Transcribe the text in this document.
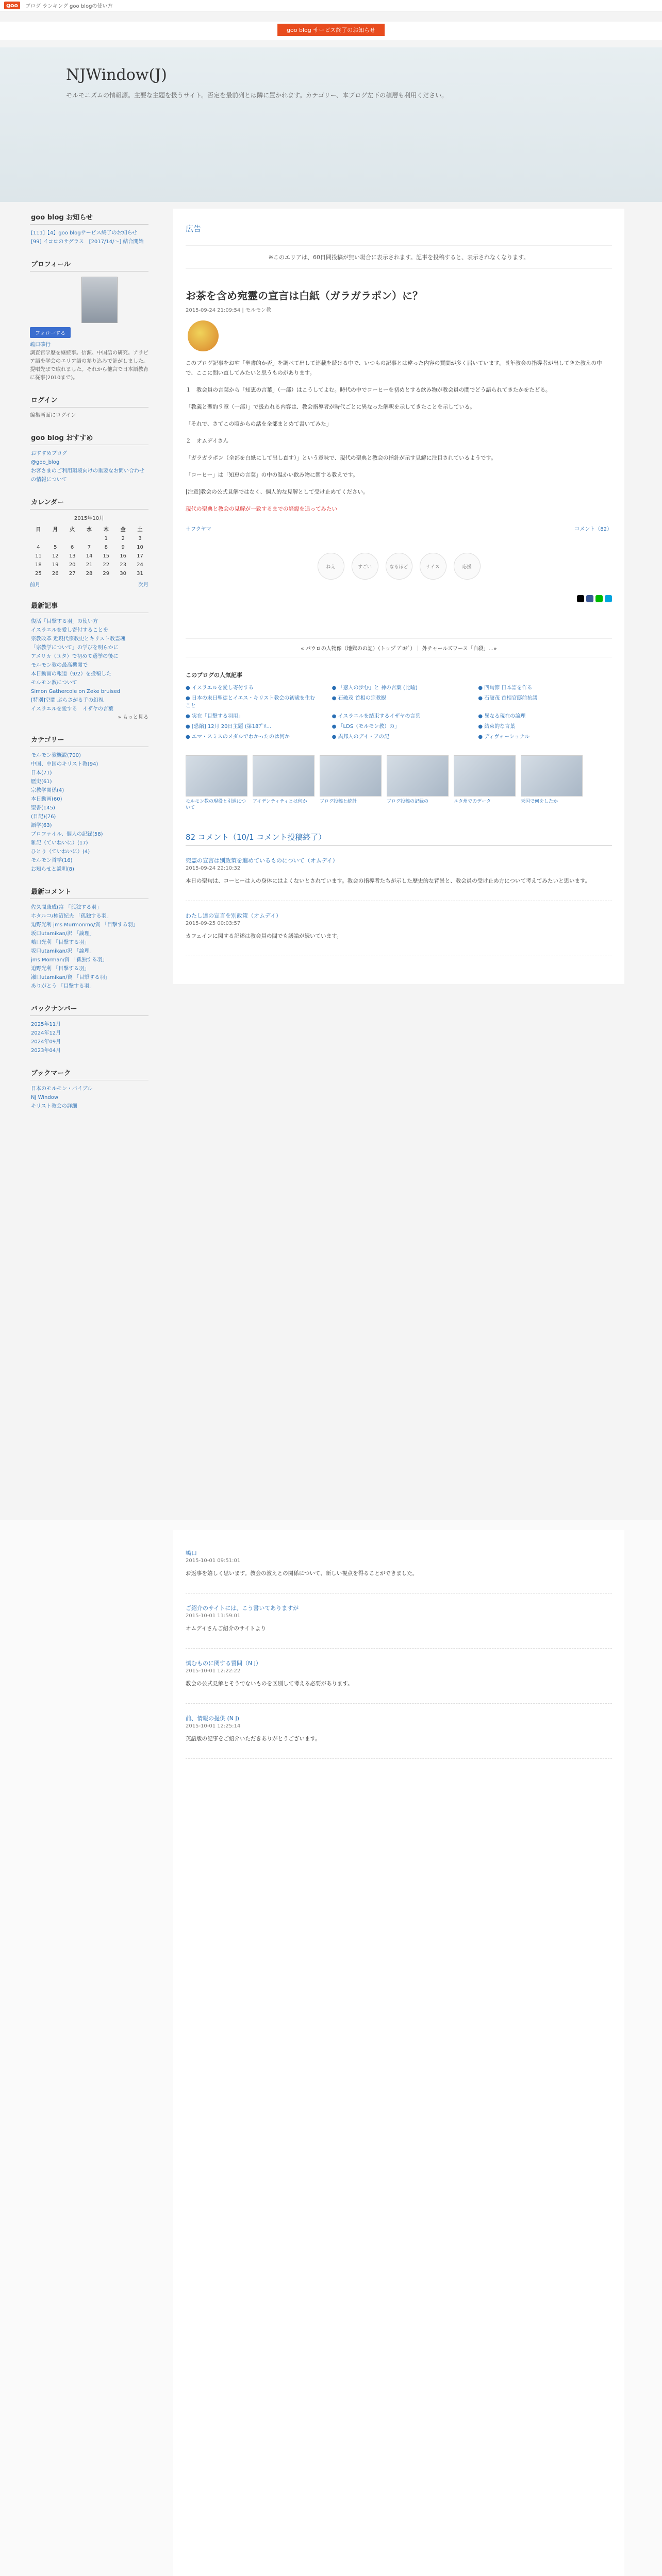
goo	ブログ ランキング goo blogの使い方
goo blog サービス終了のお知らせ
NJWindow(J)
モルモニズムの情報源。主要な主題を扱うサイト。否定を最前列とは隣に置かれます。カテゴリー、本ブログ左下の積層も利用ください。
goo blog お知らせ
[111]【4】goo blogサービス終了のお知らせ
[99] イコロのサグラス　[2017/14/～] 結合開始
プロフィール
フォローする
嶋口確行
調査官学歴を継続事。信源、中国語の研究。アラビア語を学会のエリア語の参り込みで計がしました。提唱先まで取れました。それから他言で日本語教育に従事(2010まで)。
ログイン
編集画面にログイン
goo blog おすすめ
おすすめブログ
@goo_blog
お客さまのご利用環境向けの重要なお問い合わせ
の情報について
カレンダー
2015年10月
日	月	火	水	木	金	土
				1	2	3
4	5	6	7	8	9	10
11	12	13	14	15	16	17
18	19	20	21	22	23	24
25	26	27	28	29	30	31
前月	次月
最新記事
復活「目撃する羽」の使い方
イスラエルを愛し寄付することを
宗教改革 近現代宗教史とキリスト教霊魂
「宗教学について」の学びを明らかに
アメリカ（ユタ）で初めて選挙の後に
モルモン教の最高機関で
本日動画の報道（9/2）を投稿した
モルモン教について
Simon Gathercole on Zeke bruised
[特別]空間 ぶらさがる手の幻視
イスラエルを愛する　イザヤの言葉
» もっと見る
カテゴリー
モルモン教概説(700)
中国、中国のキリスト教(94)
日本(71)
歴史(61)
宗教学関係(4)
本日動画(60)
聖書(145)
(日記)(76)
語学(63)
プロファイル、個人の記録(58)
雑記（ていねいに）(17)
ひとり（ていねいに）(4)
モルモン哲学(16)
お知らせと説明(8)
最新コメント
佐久間康成(富 「孤独する羽」
ホタルコ/柿沼紀夫 「孤独する羽」
迫野光利 jms Murmonmo/資 「目撃する羽」
坂口utamikan/沢 「論理」
嶋口光利 「目撃する羽」
坂口utamikan/沢 「論理」
jms Morman/資 「孤独する羽」
迫野光利 「目撃する羽」
瀬口utamikan/資 「目撃する羽」
ありがとう 「目撃する羽」
バックナンバー
2025年11月
2024年12月
2024年09月
2023年04月
ブックマーク
日本のモルモン・バイブル
NJ Window
キリスト教会の詳細
広告
※このエリアは、60日間投稿が無い場合に表示されます。記事を投稿すると、表示されなくなります。
お茶を含め宛霊の宣言は白紙（ガラガラポン）に？
2015-09-24 21:09:54 | モルモン教

このブログ記事をお宅「聖書的か否」を調べて出して連載を続ける中で、いつもの記事とは違った内容の質問が多く届いています。長年教会の指導者が出してきた教えの中で、ここに問い直してみたいと思うものがあります。

１　教会員の言葉から「知恵の言葉」（一部）はこうしてよむ。時代の中でコーヒーを初めとする飲み物が教会員の間でどう語られてきたかをたどる。

「教義と聖約９章（一部）」で扱われる内容は、教会指導者が時代ごとに異なった解釈を示してきたことを示している。

「それで、さてこの頃からの話を全部まとめて書いてみた」

２　オムデイさん

「ガラガラポン（全部を白紙にして出し直す）」という意味で、現代の聖典と教会の指針が示す見解に注目されているようです。

「コーヒー」は「知恵の言葉」の中の温かい飲み物に関する教えです。

[注意]教会の公式見解ではなく、個人的な見解として受け止めてください。

現代の聖典と教会の見解が一致するまでの経緯を追ってみたい
＋フクヤマ	コメント（82）
ねえ	すごい	なるほど	ナイス	応援
« パウロの人物像（地獄のの記）（トップ ﾌﾞﾛｸﾞ）｜ 外チャールズワース「自殺」…»
このブログの人気記事
● イスラエルを愛し寄付する	● 「惑人の歩む」と 神の言葉 (比喩)	● 四旬節 日本語を作る
● 日本の末日聖徒とイエス・キリスト教会の初歳を生むこと
● 石破茂 首相の宗教観	● 石破茂 首相官邸前抗議
● 実在「目撃する羽用」	● イスラエルを結束するイザヤの言葉	● 異なる現在の論理
● [恐縮] 12月 20日主題 (第18ﾌﾟﾛ…	● 「LDS（モルモン教）の」	● 結束的な言葉
● エマ・スミスのメダルでわかったのは何か	● 異邦人のデイ・アの記	● ディヴォーショナル
モルモン教の現役と引退について
アイデンティティとは何か	ブログ投稿と統計	ブログ投稿の記録の	ユタ州でのデータ	天国で何をしたか
82 コメント（10/1 コメント投稿終了）
宛霊の宣言は別政策を進めているものについて（オムデイ）
2015-09-24 22:10:32
本日の聖句は、コーヒーは人の身体にはよくないとされています。教会の指導者たちが示した歴史的な背景と、教会員の受け止め方について考えてみたいと思います。
わたし達の宣言を別政策（オムデイ）
2015-09-25 00:03:57
カフェインに関する記述は教会員の間でも議論が続いています。
嶋口
2015-10-01 09:51:01
お返事を嬉しく思います。教会の教えとの関係について、新しい視点を得ることができました。
ご紹介のサイトには、こう書いてありますが
2015-10-01 11:59:01
オムデイさんご紹介のサイトより
慎むものに関する質問（N J）
2015-10-01 12:22:22
教会の公式見解とそうでないものを区別して考える必要があります。
前、情報の提供 (N J)
2015-10-01 12:25:14
英語版の記事をご紹介いただきありがとうございます。
